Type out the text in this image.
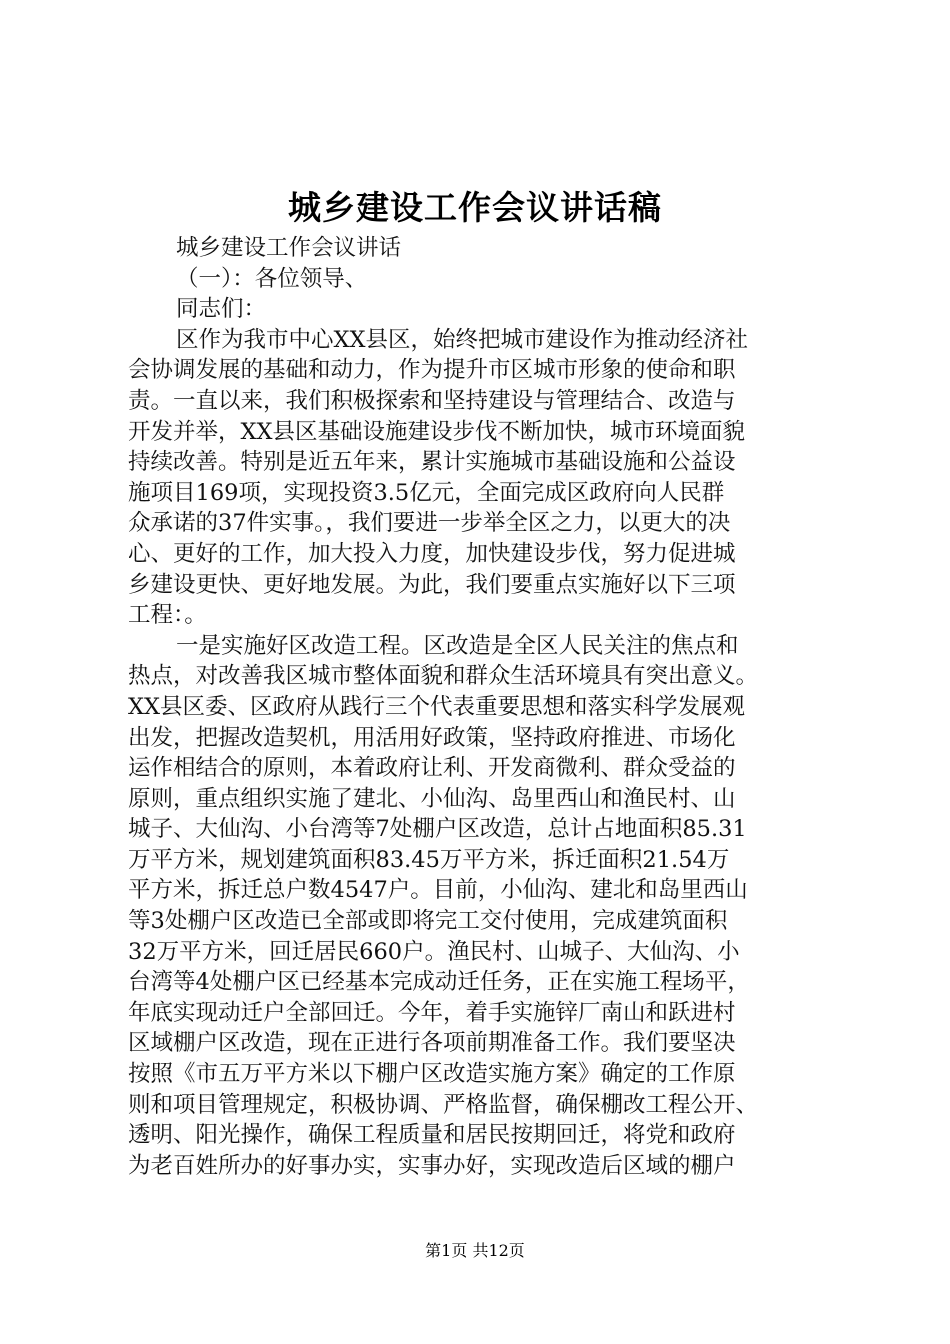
城乡建设工作会议讲话稿
城乡建设工作会议讲话
（一）：各位领导、
同志们：
区作为我市中心XX县区，始终把城市建设作为推动经济社
会协调发展的基础和动力，作为提升市区城市形象的使命和职
责。一直以来，我们积极探索和坚持建设与管理结合、改造与
开发并举，XX县区基础设施建设步伐不断加快，城市环境面貌
持续改善。特别是近五年来，累计实施城市基础设施和公益设
施项目169项，实现投资3.5亿元，全面完成区政府向人民群
众承诺的37件实事。，我们要进一步举全区之力，以更大的决
心、更好的工作，加大投入力度，加快建设步伐，努力促进城
乡建设更快、更好地发展。为此，我们要重点实施好以下三项
工程：。
一是实施好区改造工程。区改造是全区人民关注的焦点和
热点，对改善我区城市整体面貌和群众生活环境具有突出意义。
XX县区委、区政府从践行三个代表重要思想和落实科学发展观
出发，把握改造契机，用活用好政策，坚持政府推进、市场化
运作相结合的原则，本着政府让利、开发商微利、群众受益的
原则，重点组织实施了建北、小仙沟、岛里西山和渔民村、山
城子、大仙沟、小台湾等7处棚户区改造，总计占地面积85.31
万平方米，规划建筑面积83.45万平方米，拆迁面积21.54万
平方米，拆迁总户数4547户。目前，小仙沟、建北和岛里西山
等3处棚户区改造已全部或即将完工交付使用，完成建筑面积
32万平方米，回迁居民660户。渔民村、山城子、大仙沟、小
台湾等4处棚户区已经基本完成动迁任务，正在实施工程场平，
年底实现动迁户全部回迁。今年，着手实施锌厂南山和跃进村
区域棚户区改造，现在正进行各项前期准备工作。我们要坚决
按照《市五万平方米以下棚户区改造实施方案》确定的工作原
则和项目管理规定，积极协调、严格监督，确保棚改工程公开、
透明、阳光操作，确保工程质量和居民按期回迁，将党和政府
为老百姓所办的好事办实，实事办好，实现改造后区域的棚户
第1页 共12页
